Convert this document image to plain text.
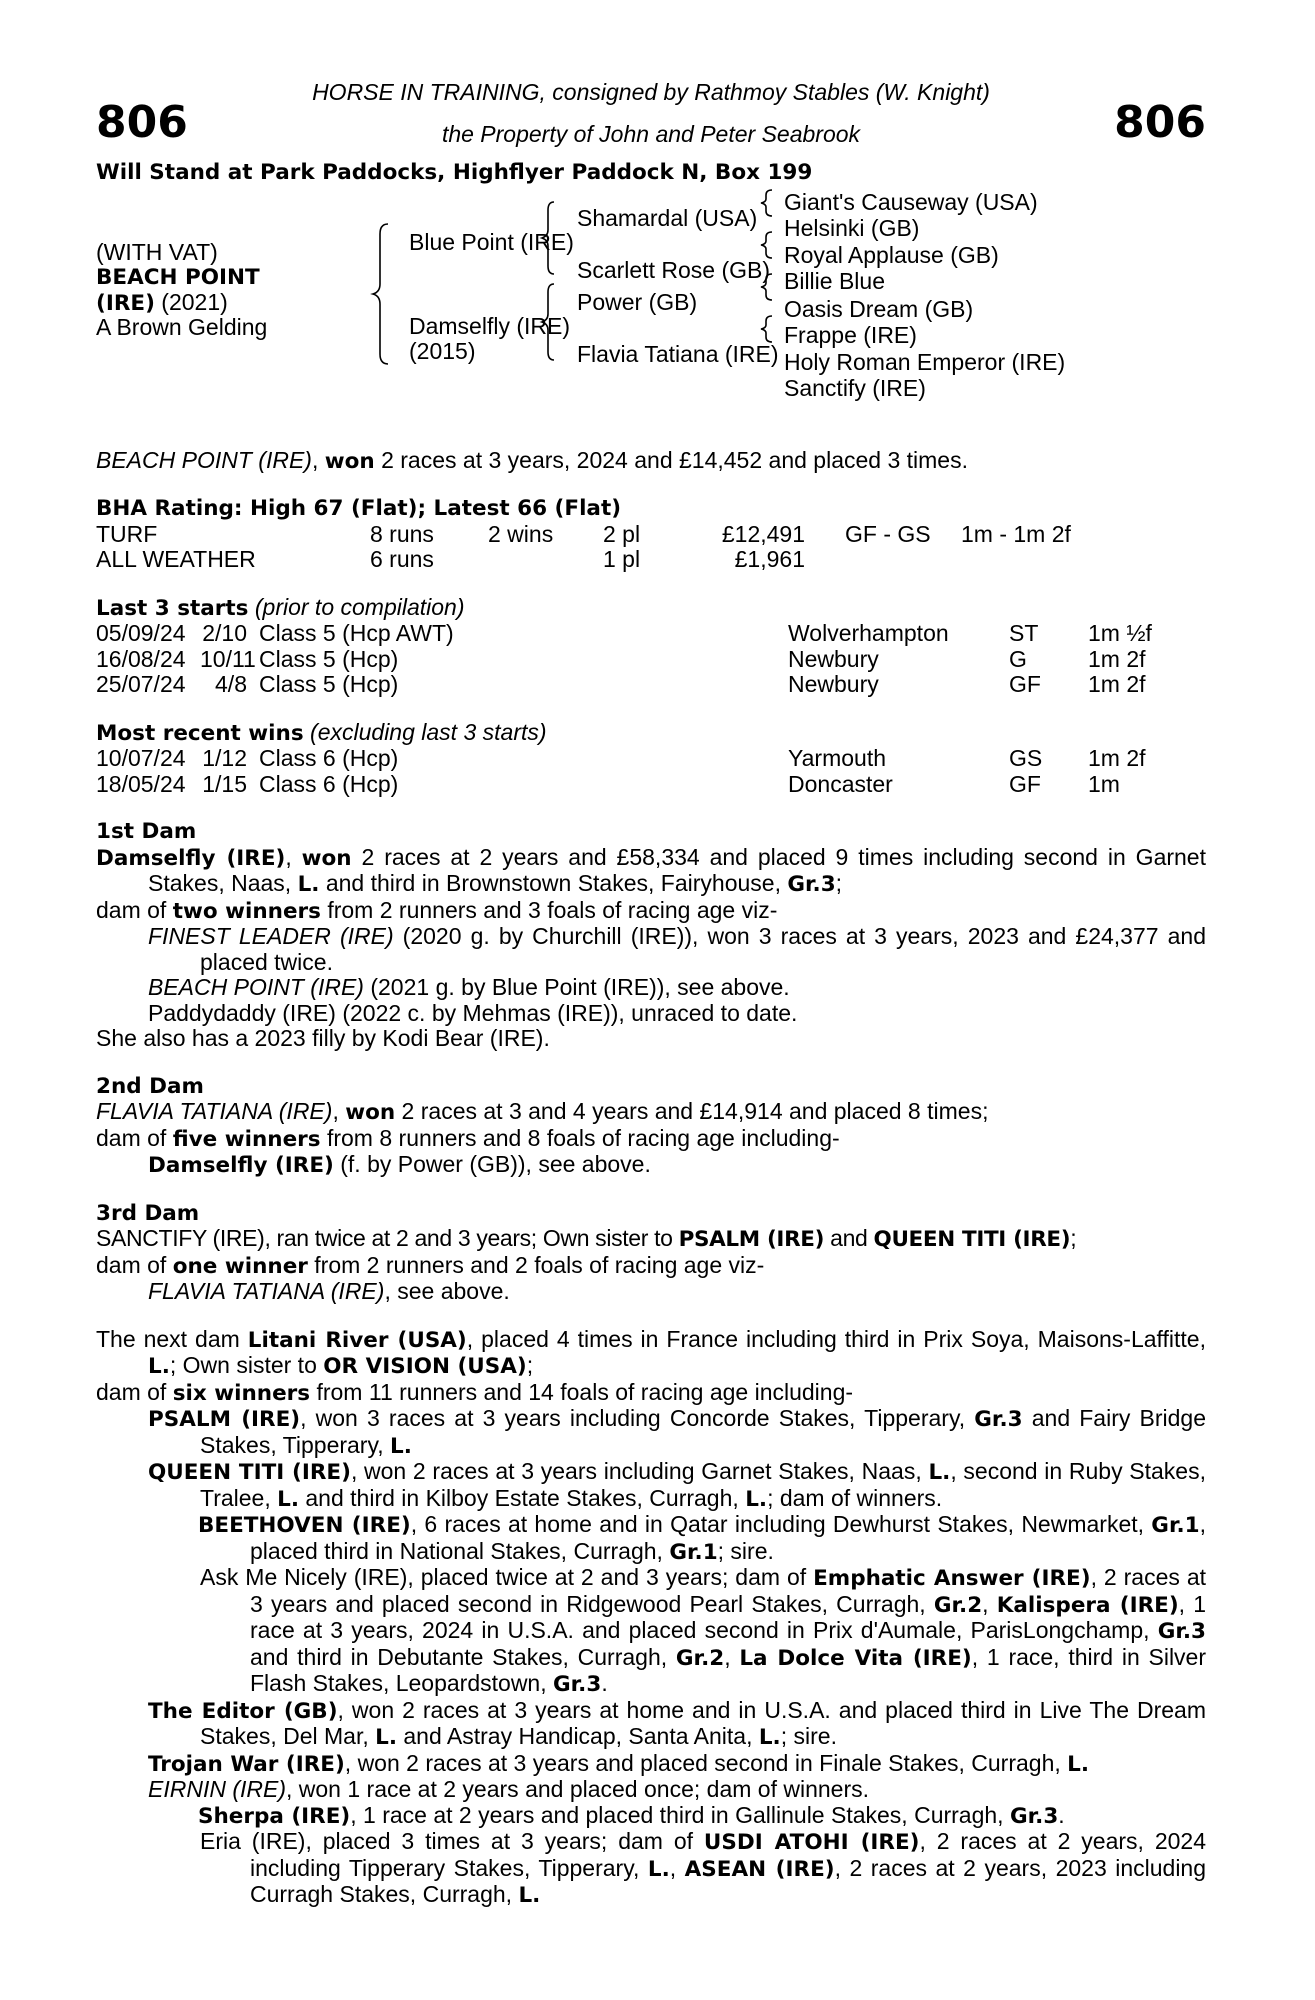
HORSE IN TRAINING, consigned by Rathmoy Stables (W. Knight)
the Property of John and Peter Seabrook
806	806
Will Stand at Park Paddocks, Highflyer Paddock N, Box 199
(WITH VAT)
BEACH POINT
(IRE) (2021)
A Brown Gelding
Blue Point (IRE)
Damselfly (IRE)
(2015)
Shamardal (USA)
Scarlett Rose (GB)
Power (GB)
Flavia Tatiana (IRE)
Giant's Causeway (USA)
Helsinki (GB)
Royal Applause (GB)
Billie Blue
Oasis Dream (GB)
Frappe (IRE)
Holy Roman Emperor (IRE)
Sanctify (IRE)

BEACH POINT (IRE), won 2 races at 3 years, 2024 and £14,452 and placed 3 times.

BHA Rating: High 67 (Flat); Latest 66 (Flat)
TURF	8 runs	2 wins	2 pl	£12,491 GF - GS	1m - 1m 2f
ALL WEATHER	6 runs	1 pl	£1,961
Last 3 starts (prior to compilation)
05/09/24 2/10 Class 5 (Hcp AWT)	Wolverhampton	ST	1m ½f
16/08/24 10/11 Class 5 (Hcp)	Newbury	G	1m 2f
25/07/24	4/8 Class 5 (Hcp)	Newbury	GF	1m 2f
Most recent wins (excluding last 3 starts)
10/07/24 1/12 Class 6 (Hcp)	Yarmouth	GS	1m 2f
18/05/24 1/15 Class 6 (Hcp)	Doncaster	GF	1m
1st Dam

Damselfly (IRE), won 2 races at 2 years and £58,334 and placed 9 times including second in Garnet Stakes, Naas, L. and third in Brownstown Stakes, Fairyhouse, Gr.3;

dam of two winners from 2 runners and 3 foals of racing age viz-

FINEST LEADER (IRE) (2020 g. by Churchill (IRE)), won 3 races at 3 years, 2023 and £24,377 and placed twice.

BEACH POINT (IRE) (2021 g. by Blue Point (IRE)), see above.

Paddydaddy (IRE) (2022 c. by Mehmas (IRE)), unraced to date.

She also has a 2023 filly by Kodi Bear (IRE).

2nd Dam

FLAVIA TATIANA (IRE), won 2 races at 3 and 4 years and £14,914 and placed 8 times;

dam of five winners from 8 runners and 8 foals of racing age including-

Damselfly (IRE) (f. by Power (GB)), see above.

3rd Dam

SANCTIFY (IRE), ran twice at 2 and 3 years; Own sister to PSALM (IRE) and QUEEN TITI (IRE);

dam of one winner from 2 runners and 2 foals of racing age viz-

FLAVIA TATIANA (IRE), see above.

The next dam Litani River (USA), placed 4 times in France including third in Prix Soya, Maisons-Laffitte, L.; Own sister to OR VISION (USA);

dam of six winners from 11 runners and 14 foals of racing age including-

PSALM (IRE), won 3 races at 3 years including Concorde Stakes, Tipperary, Gr.3 and Fairy Bridge Stakes, Tipperary, L.

QUEEN TITI (IRE), won 2 races at 3 years including Garnet Stakes, Naas, L., second in Ruby Stakes, Tralee, L. and third in Kilboy Estate Stakes, Curragh, L.; dam of winners.

BEETHOVEN (IRE), 6 races at home and in Qatar including Dewhurst Stakes, Newmarket, Gr.1, placed third in National Stakes, Curragh, Gr.1; sire.

Ask Me Nicely (IRE), placed twice at 2 and 3 years; dam of Emphatic Answer (IRE), 2 races at 3 years and placed second in Ridgewood Pearl Stakes, Curragh, Gr.2, Kalispera (IRE), 1 race at 3 years, 2024 in U.S.A. and placed second in Prix d'Aumale, ParisLongchamp, Gr.3 and third in Debutante Stakes, Curragh, Gr.2, La Dolce Vita (IRE), 1 race, third in Silver Flash Stakes, Leopardstown, Gr.3.

The Editor (GB), won 2 races at 3 years at home and in U.S.A. and placed third in Live The Dream Stakes, Del Mar, L. and Astray Handicap, Santa Anita, L.; sire.

Trojan War (IRE), won 2 races at 3 years and placed second in Finale Stakes, Curragh, L.

EIRNIN (IRE), won 1 race at 2 years and placed once; dam of winners.

Sherpa (IRE), 1 race at 2 years and placed third in Gallinule Stakes, Curragh, Gr.3.

Eria (IRE), placed 3 times at 3 years; dam of USDI ATOHI (IRE), 2 races at 2 years, 2024 including Tipperary Stakes, Tipperary, L., ASEAN (IRE), 2 races at 2 years, 2023 including Curragh Stakes, Curragh, L.
